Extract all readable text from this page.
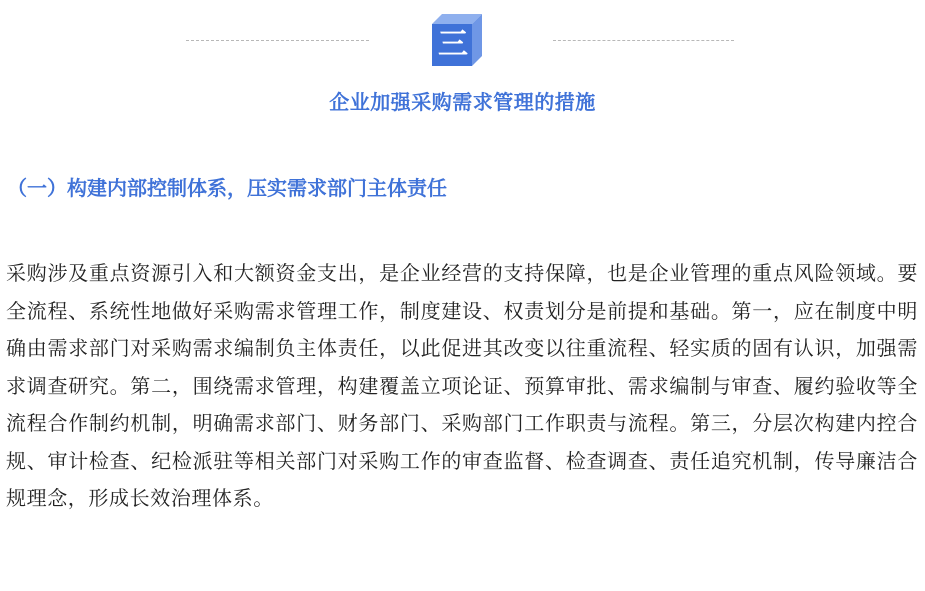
三
企业加强采购需求管理的措施
（一）构建内部控制体系，压实需求部门主体责任

采购涉及重点资源引入和大额资金支出，是企业经营的支持保障，也是企业管理的重点风险领域。要全流程、系统性地做好采购需求管理工作，制度建设、权责划分是前提和基础。第一，应在制度中明确由需求部门对采购需求编制负主体责任，以此促进其改变以往重流程、轻实质的固有认识，加强需求调查研究。第二，围绕需求管理，构建覆盖立项论证、预算审批、需求编制与审查、履约验收等全流程合作制约机制，明确需求部门、财务部门、采购部门工作职责与流程。第三，分层次构建内控合规、审计检查、纪检派驻等相关部门对采购工作的审查监督、检查调查、责任追究机制，传导廉洁合规理念，形成长效治理体系。
